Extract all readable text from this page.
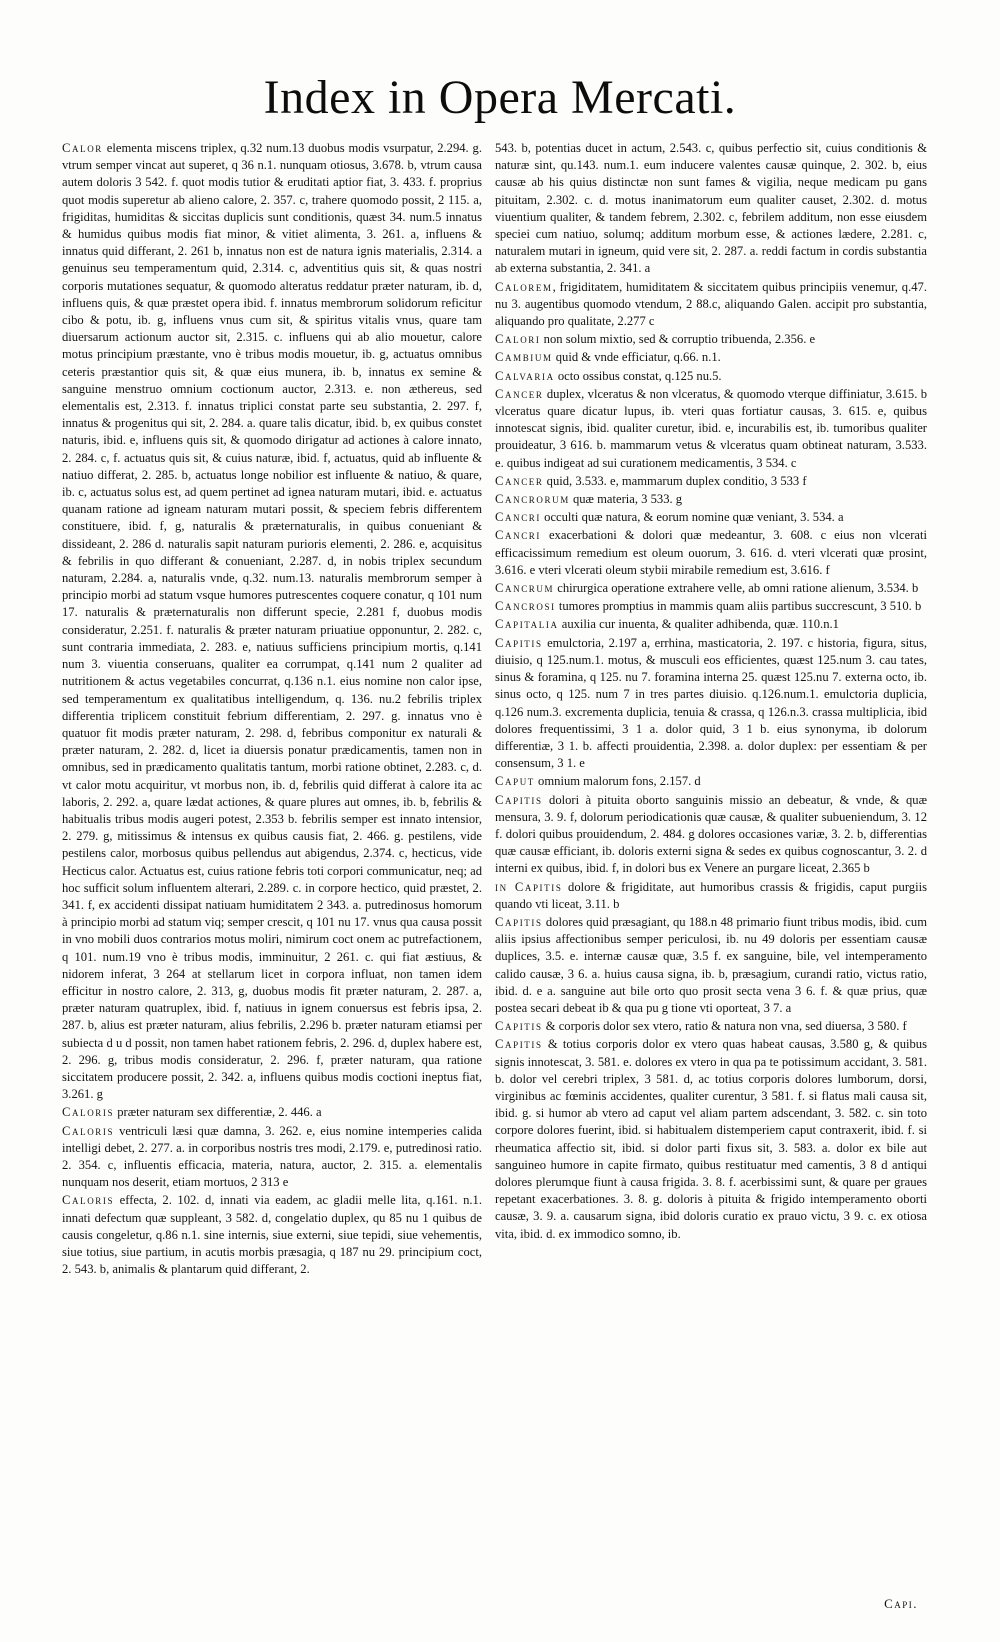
Index in Opera Mercati.

Calor elementa miscens triplex, q.32 num.13 duobus modis vsurpatur, 2.294. g. vtrum semper vincat aut superet, q 36 n.1. nunquam otiosus, 3.678. b, vtrum causa autem doloris 3 542. f. quot modis tutior & eruditati aptior fiat, 3. 433. f. proprius quot modis superetur ab alieno calore, 2. 357. c, trahere quomodo possit, 2 115. a, frigiditas, humiditas & siccitas duplicis sunt conditionis, quæst 34. num.5 innatus & humidus quibus modis fiat minor, & vitiet alimenta, 3. 261. a, influens & innatus quid differant, 2. 261 b, innatus non est de natura ignis materialis, 2.314. a genuinus seu temperamentum quid, 2.314. c, adventitius quis sit, & quas nostri corporis mutationes sequatur, & quomodo alteratus reddatur præter naturam, ib. d, influens quis, & quæ præstet opera ibid. f. innatus membrorum solidorum reficitur cibo & potu, ib. g, influens vnus cum sit, & spiritus vitalis vnus, quare tam diuersarum actionum auctor sit, 2.315. c. influens qui ab alio mouetur, calore motus principium præstante, vno è tribus modis mouetur, ib. g, actuatus omnibus ceteris præstantior quis sit, & quæ eius munera, ib. b, innatus ex semine & sanguine menstruo omnium coctionum auctor, 2.313. e. non æthereus, sed elementalis est, 2.313. f. innatus triplici constat parte seu substantia, 2. 297. f, innatus & progenitus qui sit, 2. 284. a. quare talis dicatur, ibid. b, ex quibus constet naturis, ibid. e, influens quis sit, & quomodo dirigatur ad actiones à calore innato, 2. 284. c, f. actuatus quis sit, & cuius naturæ, ibid. f, actuatus, quid ab influente & natiuo differat, 2. 285. b, actuatus longe nobilior est influente & natiuo, & quare, ib. c, actuatus solus est, ad quem pertinet ad ignea naturam mutari, ibid. e. actuatus quanam ratione ad igneam naturam mutari possit, & speciem febris differentem constituere, ibid. f, g, naturalis & præternaturalis, in quibus conueniant & dissideant, 2. 286 d. naturalis sapit naturam purioris elementi, 2. 286. e, acquisitus & febrilis in quo differant & conueniant, 2.287. d, in nobis triplex secundum naturam, 2.284. a, naturalis vnde, q.32. num.13. naturalis membrorum semper à principio morbi ad statum vsque humores putrescentes coquere conatur, q 101 num 17. naturalis & præternaturalis non differunt specie, 2.281 f, duobus modis consideratur, 2.251. f. naturalis & præter naturam priuatiue opponuntur, 2. 282. c, sunt contraria immediata, 2. 283. e, natiuus sufficiens principium mortis, q.141 num 3. viuentia conseruans, qualiter ea corrumpat, q.141 num 2 qualiter ad nutritionem & actus vegetabiles concurrat, q.136 n.1. eius nomine non calor ipse, sed temperamentum ex qualitatibus intelligendum, q. 136. nu.2 febrilis triplex differentia triplicem constituit febrium differentiam, 2. 297. g. innatus vno è quatuor fit modis præter naturam, 2. 298. d, febribus componitur ex naturali & præter naturam, 2. 282. d, licet ia diuersis ponatur prædicamentis, tamen non in omnibus, sed in prædicamento qualitatis tantum, morbi ratione obtinet, 2.283. c, d. vt calor motu acquiritur, vt morbus non, ib. d, febrilis quid differat à calore ita ac laboris, 2. 292. a, quare lædat actiones, & quare plures aut omnes, ib. b, febrilis & habitualis tribus modis augeri potest, 2.353 b. febrilis semper est innato intensior, 2. 279. g, mitissimus & intensus ex quibus causis fiat, 2. 466. g. pestilens, vide pestilens calor, morbosus quibus pellendus aut abigendus, 2.374. c, hecticus, vide Hecticus calor. Actuatus est, cuius ratione febris toti corpori communicatur, neq; ad hoc sufficit solum influentem alterari, 2.289. c. in corpore hectico, quid præstet, 2. 341. f, ex accidenti dissipat natiuam humiditatem 2 343. a. putredinosus homorum à principio morbi ad statum viq; semper crescit, q 101 nu 17. vnus qua causa possit in vno mobili duos contrarios motus moliri, nimirum coct onem ac putrefactionem, q 101. num.19 vno è tribus modis, imminuitur, 2 261. c. qui fiat æstiuus, & nidorem inferat, 3 264 at stellarum licet in corpora influat, non tamen idem efficitur in nostro calore, 2. 313, g, duobus modis fit præter naturam, 2. 287. a, præter naturam quatruplex, ibid. f, natiuus in ignem conuersus est febris ipsa, 2. 287. b, alius est præter naturam, alius febrilis, 2.296 b. præter naturam etiamsi per subiecta d u d possit, non tamen habet rationem febris, 2. 296. d, duplex habere est, 2. 296. g, tribus modis consideratur, 2. 296. f, præter naturam, qua ratione siccitatem producere possit, 2. 342. a, influens quibus modis coctioni ineptus fiat, 3.261. g

Caloris præter naturam sex differentiæ, 2. 446. a

Caloris ventriculi læsi quæ damna, 3. 262. e, eius nomine intemperies calida intelligi debet, 2. 277. a. in corporibus nostris tres modi, 2.179. e, putredinosi ratio. 2. 354. c, influentis efficacia, materia, natura, auctor, 2. 315. a. elementalis nunquam nos deserit, etiam mortuos, 2 313 e

Caloris effecta, 2. 102. d, innati via eadem, ac gladii melle lita, q.161. n.1. innati defectum quæ suppleant, 3 582. d, congelatio duplex, qu 85 nu 1 quibus de causis congeletur, q.86 n.1. sine internis, siue externi, siue tepidi, siue vehementis, siue totius, siue partium, in acutis morbis præsagia, q 187 nu 29. principium coct, 2. 543. b, animalis & plantarum quid differant, 2.

543. b, potentias ducet in actum, 2.543. c, quibus perfectio sit, cuius conditionis & naturæ sint, qu.143. num.1. eum inducere valentes causæ quinque, 2. 302. b, eius causæ ab his quius distinctæ non sunt fames & vigilia, neque medicam pu gans pituitam, 2.302. c. d. motus inanimatorum eum qualiter causet, 2.302. d. motus viuentium qualiter, & tandem febrem, 2.302. c, febrilem additum, non esse eiusdem speciei cum natiuo, solumq; additum morbum esse, & actiones lædere, 2.281. c, naturalem mutari in igneum, quid vere sit, 2. 287. a. reddi factum in cordis substantia ab externa substantia, 2. 341. a

Calorem, frigiditatem, humiditatem & siccitatem quibus principiis venemur, q.47. nu 3. augentibus quomodo vtendum, 2 88.c, aliquando Galen. accipit pro substantia, aliquando pro qualitate, 2.277 c

Calori non solum mixtio, sed & corruptio tribuenda, 2.356. e

Cambium quid & vnde efficiatur, q.66. n.1.

Calvaria octo ossibus constat, q.125 nu.5.

Cancer duplex, vlceratus & non vlceratus, & quomodo vterque diffiniatur, 3.615. b vlceratus quare dicatur lupus, ib. vteri quas fortiatur causas, 3. 615. e, quibus innotescat signis, ibid. qualiter curetur, ibid. e, incurabilis est, ib. tumoribus qualiter prouideatur, 3 616. b. mammarum vetus & vlceratus quam obtineat naturam, 3.533. e. quibus indigeat ad sui curationem medicamentis, 3 534. c

Cancer quid, 3.533. e, mammarum duplex conditio, 3 533 f

Cancrorum quæ materia, 3 533. g

Cancri occulti quæ natura, & eorum nomine quæ veniant, 3. 534. a

Cancri exacerbationi & dolori quæ medeantur, 3. 608. c eius non vlcerati efficacissimum remedium est oleum ouorum, 3. 616. d. vteri vlcerati quæ prosint, 3.616. e vteri vlcerati oleum stybii mirabile remedium est, 3.616. f

Cancrum chirurgica operatione extrahere velle, ab omni ratione alienum, 3.534. b

Cancrosi tumores promptius in mammis quam aliis partibus succrescunt, 3 510. b

Capitalia auxilia cur inuenta, & qualiter adhibenda, quæ. 110.n.1

Capitis emulctoria, 2.197 a, errhina, masticatoria, 2. 197. c historia, figura, situs, diuisio, q 125.num.1. motus, & musculi eos efficientes, quæst 125.num 3. cau tates, sinus & foramina, q 125. nu 7. foramina interna 25. quæst 125.nu 7. externa octo, ib. sinus octo, q 125. num 7 in tres partes diuisio. q.126.num.1. emulctoria duplicia, q.126 num.3. excrementa duplicia, tenuia & crassa, q 126.n.3. crassa multiplicia, ibid dolores frequentissimi, 3 1 a. dolor quid, 3 1 b. eius synonyma, ib dolorum differentiæ, 3 1. b. affecti prouidentia, 2.398. a. dolor duplex: per essentiam & per consensum, 3 1. e

Caput omnium malorum fons, 2.157. d

Capitis dolori à pituita oborto sanguinis missio an debeatur, & vnde, & quæ mensura, 3. 9. f, dolorum periodicationis quæ causæ, & qualiter subueniendum, 3. 12 f. dolori quibus prouidendum, 2. 484. g dolores occasiones variæ, 3. 2. b, differentias quæ causæ efficiant, ib. doloris externi signa & sedes ex quibus cognoscantur, 3. 2. d interni ex quibus, ibid. f, in dolori bus ex Venere an purgare liceat, 2.365 b

in Capitis dolore & frigiditate, aut humoribus crassis & frigidis, caput purgiis quando vti liceat, 3.11. b

Capitis dolores quid præsagiant, qu 188.n 48 primario fiunt tribus modis, ibid. cum aliis ipsius affectionibus semper periculosi, ib. nu 49 doloris per essentiam causæ duplices, 3.5. e. internæ causæ quæ, 3.5 f. ex sanguine, bile, vel intemperamento calido causæ, 3 6. a. huius causa signa, ib. b, præsagium, curandi ratio, victus ratio, ibid. d. e a. sanguine aut bile orto quo prosit secta vena 3 6. f. & quæ prius, quæ postea secari debeat ib & qua pu g tione vti oporteat, 3 7. a

Capitis & corporis dolor sex vtero, ratio & natura non vna, sed diuersa, 3 580. f

Capitis & totius corporis dolor ex vtero quas habeat causas, 3.580 g, & quibus signis innotescat, 3. 581. e. dolores ex vtero in qua pa te potissimum accidant, 3. 581. b. dolor vel cerebri triplex, 3 581. d, ac totius corporis dolores lumborum, dorsi, virginibus ac fœminis accidentes, qualiter curentur, 3 581. f. si flatus mali causa sit, ibid. g. si humor ab vtero ad caput vel aliam partem adscendant, 3. 582. c. sin toto corpore dolores fuerint, ibid. si habitualem distemperiem caput contraxerit, ibid. f. si rheumatica affectio sit, ibid. si dolor parti fixus sit, 3. 583. a. dolor ex bile aut sanguineo humore in capite firmato, quibus restituatur med camentis, 3 8 d antiqui dolores plerumque fiunt à causa frigida. 3. 8. f. acerbissimi sunt, & quare per graues repetant exacerbationes. 3. 8. g. doloris à pituita & frigido intemperamento oborti causæ, 3. 9. a. causarum signa, ibid doloris curatio ex prauo victu, 3 9. c. ex otiosa vita, ibid. d. ex immodico somno, ib.

Capi.
